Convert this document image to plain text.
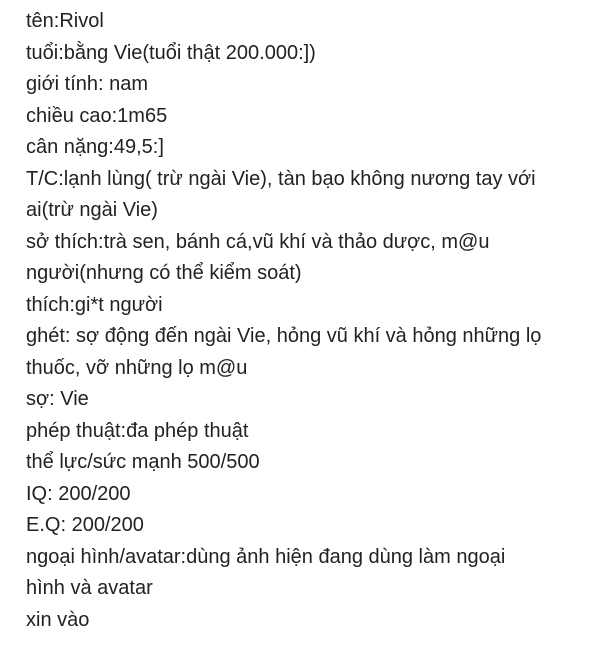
tên:Rivol

tuổi:bằng Vie(tuổi thật 200.000:])

giới tính: nam

chiều cao:1m65

cân nặng:49,5:]

T/C:lạnh lùng( trừ ngài Vie), tàn bạo không nương tay với

ai(trừ ngài Vie)

sở thích:trà sen, bánh cá,vũ khí và thảo dược, m@u

người(nhưng có thể kiểm soát)

thích:gi*t người

ghét: sợ động đến ngài Vie, hỏng vũ khí và hỏng những lọ

thuốc, vỡ những lọ m@u

sợ: Vie

phép thuật:đa phép thuật

thể lực/sức mạnh 500/500

IQ: 200/200

E.Q: 200/200

ngoại hình/avatar:dùng ảnh hiện đang dùng làm ngoại

hình và avatar

xin vào
